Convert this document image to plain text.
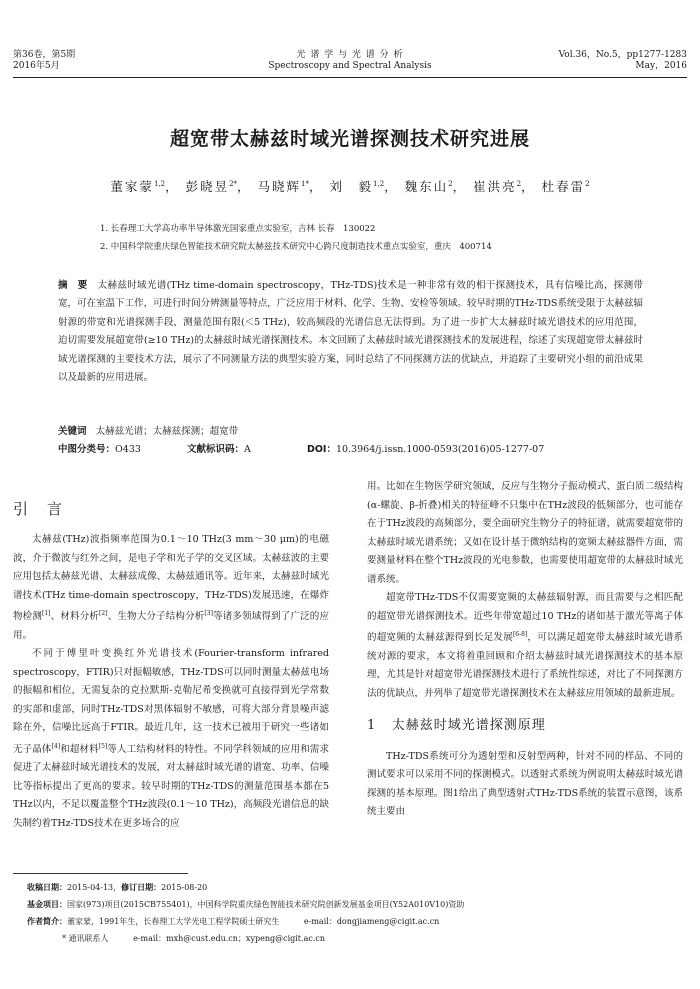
第36卷，第5期
2016年5月
光 谱 学 与 光 谱 分 析
Spectroscopy and Spectral Analysis
Vol.36，No.5，pp1277-1283
May，2016
超宽带太赫兹时域光谱探测技术研究进展
董家蒙$^{1,2}$， 彭晓昱$^{2*}$， 马晓辉$^{1*}$， 刘　毅$^{1,2}$， 魏东山$^2$， 崔洪亮$^2$， 杜春雷$^2$
1. 长春理工大学高功率半导体激光国家重点实验室，吉林 长春　130022
2. 中国科学院重庆绿色智能技术研究院太赫兹技术研究中心跨尺度制造技术重点实验室，重庆　400714
摘　要 太赫兹时域光谱(THz time-domain spectroscopy，THz-TDS)技术是一种非常有效的相干探测技术，具有信噪比高，探测带宽，可在室温下工作，可进行时间分辨测量等特点，广泛应用于材料、化学、生物、安检等领域。较早时期的THz-TDS系统受限于太赫兹辐射源的带宽和光谱探测手段，测量范围有限(＜5 THz)，较高频段的光谱信息无法得到。为了进一步扩大太赫兹时域光谱技术的应用范围，迫切需要发展超宽带(≥10 THz)的太赫兹时域光谱探测技术。本文回顾了太赫兹时域光谱探测技术的发展进程，综述了实现超宽带太赫兹时域光谱探测的主要技术方法，展示了不同测量方法的典型实验方案，同时总结了不同探测方法的优缺点，并追踪了主要研究小组的前沿成果以及最新的应用进展。
关键词 太赫兹光谱；太赫兹探测；超宽带
中图分类号：O433	文献标识码：A	DOI：10.3964/j.issn.1000-0593(2016)05-1277-07
引　言

太赫兹(THz)波指频率范围为0.1～10 THz(3 mm～30 μm)的电磁波，介于微波与红外之间，是电子学和光子学的交叉区域。太赫兹波的主要应用包括太赫兹光谱、太赫兹成像、太赫兹通讯等。近年来，太赫兹时域光谱技术(THz time-domain spectroscopy，THz-TDS)发展迅速，在爆炸物检测[1]、材料分析[2]、生物大分子结构分析[3]等诸多领域得到了广泛的应用。

不同于傅里叶变换红外光谱技术(Fourier-transform infrared spectroscopy，FTIR)只对振幅敏感，THz-TDS可以同时测量太赫兹电场的振幅和相位，无需复杂的克拉默斯-克勒尼希变换就可直接得到光学常数的实部和虚部，同时THz-TDS对黑体辐射不敏感，可将大部分背景噪声滤除在外，信噪比远高于FTIR。最近几年，这一技术已被用于研究一些诸如无子晶体[4]和超材料[5]等人工结构材料的特性。不同学科领域的应用和需求促进了太赫兹时域光谱技术的发展，对太赫兹时域光谱的谱宽、功率、信噪比等指标提出了更高的要求。较早时期的THz-TDS的测量范围基本都在5 THz以内，不足以覆盖整个THz波段(0.1～10 THz)，高频段光谱信息的缺失制约着THz-TDS技术在更多场合的应

用。比如在生物医学研究领域，反应与生物分子振动模式、蛋白质二级结构(α-螺旋、β-折叠)相关的特征峰不只集中在THz波段的低频部分，也可能存在于THz波段的高频部分，要全面研究生物分子的特征谱，就需要超宽带的太赫兹时域光谱系统；又如在设计基于微纳结构的宽频太赫兹器件方面，需要测量材料在整个THz波段的光电参数，也需要使用超宽带的太赫兹时域光谱系统。

超宽带THz-TDS不仅需要宽频的太赫兹辐射源，而且需要与之相匹配的超宽带光谱探测技术。近些年带宽超过10 THz的诸如基于激光等离子体的超宽频的太赫兹源得到长足发展[6-8]，可以满足超宽带太赫兹时域光谱系统对源的要求，本文将着重回顾和介绍太赫兹时域光谱探测技术的基本原理，尤其是针对超宽带光谱探测技术进行了系统性综述，对比了不同探测方法的优缺点，并列举了超宽带光谱探测技术在太赫兹应用领域的最新进展。

1 太赫兹时域光谱探测原理

THz-TDS系统可分为透射型和反射型两种，针对不同的样品、不同的测试要求可以采用不同的探测模式。以透射式系统为例说明太赫兹时域光谱探测的基本原理。图1给出了典型透射式THz-TDS系统的装置示意图，该系统主要由

收稿日期：2015-04-13，修订日期：2015-08-20
基金项目：国家(973)项目(2015CB755401)，中国科学院重庆绿色智能技术研究院创新发展基金项目(Y52A010V10)资助
作者简介：董家蒙，1991年生，长春理工大学光电工程学院硕士研究生	e-mail：dongjiameng@cigit.ac.cn
* 通讯联系人	e-mail：mxh@cust.edu.cn；xypeng@cigit.ac.cn
